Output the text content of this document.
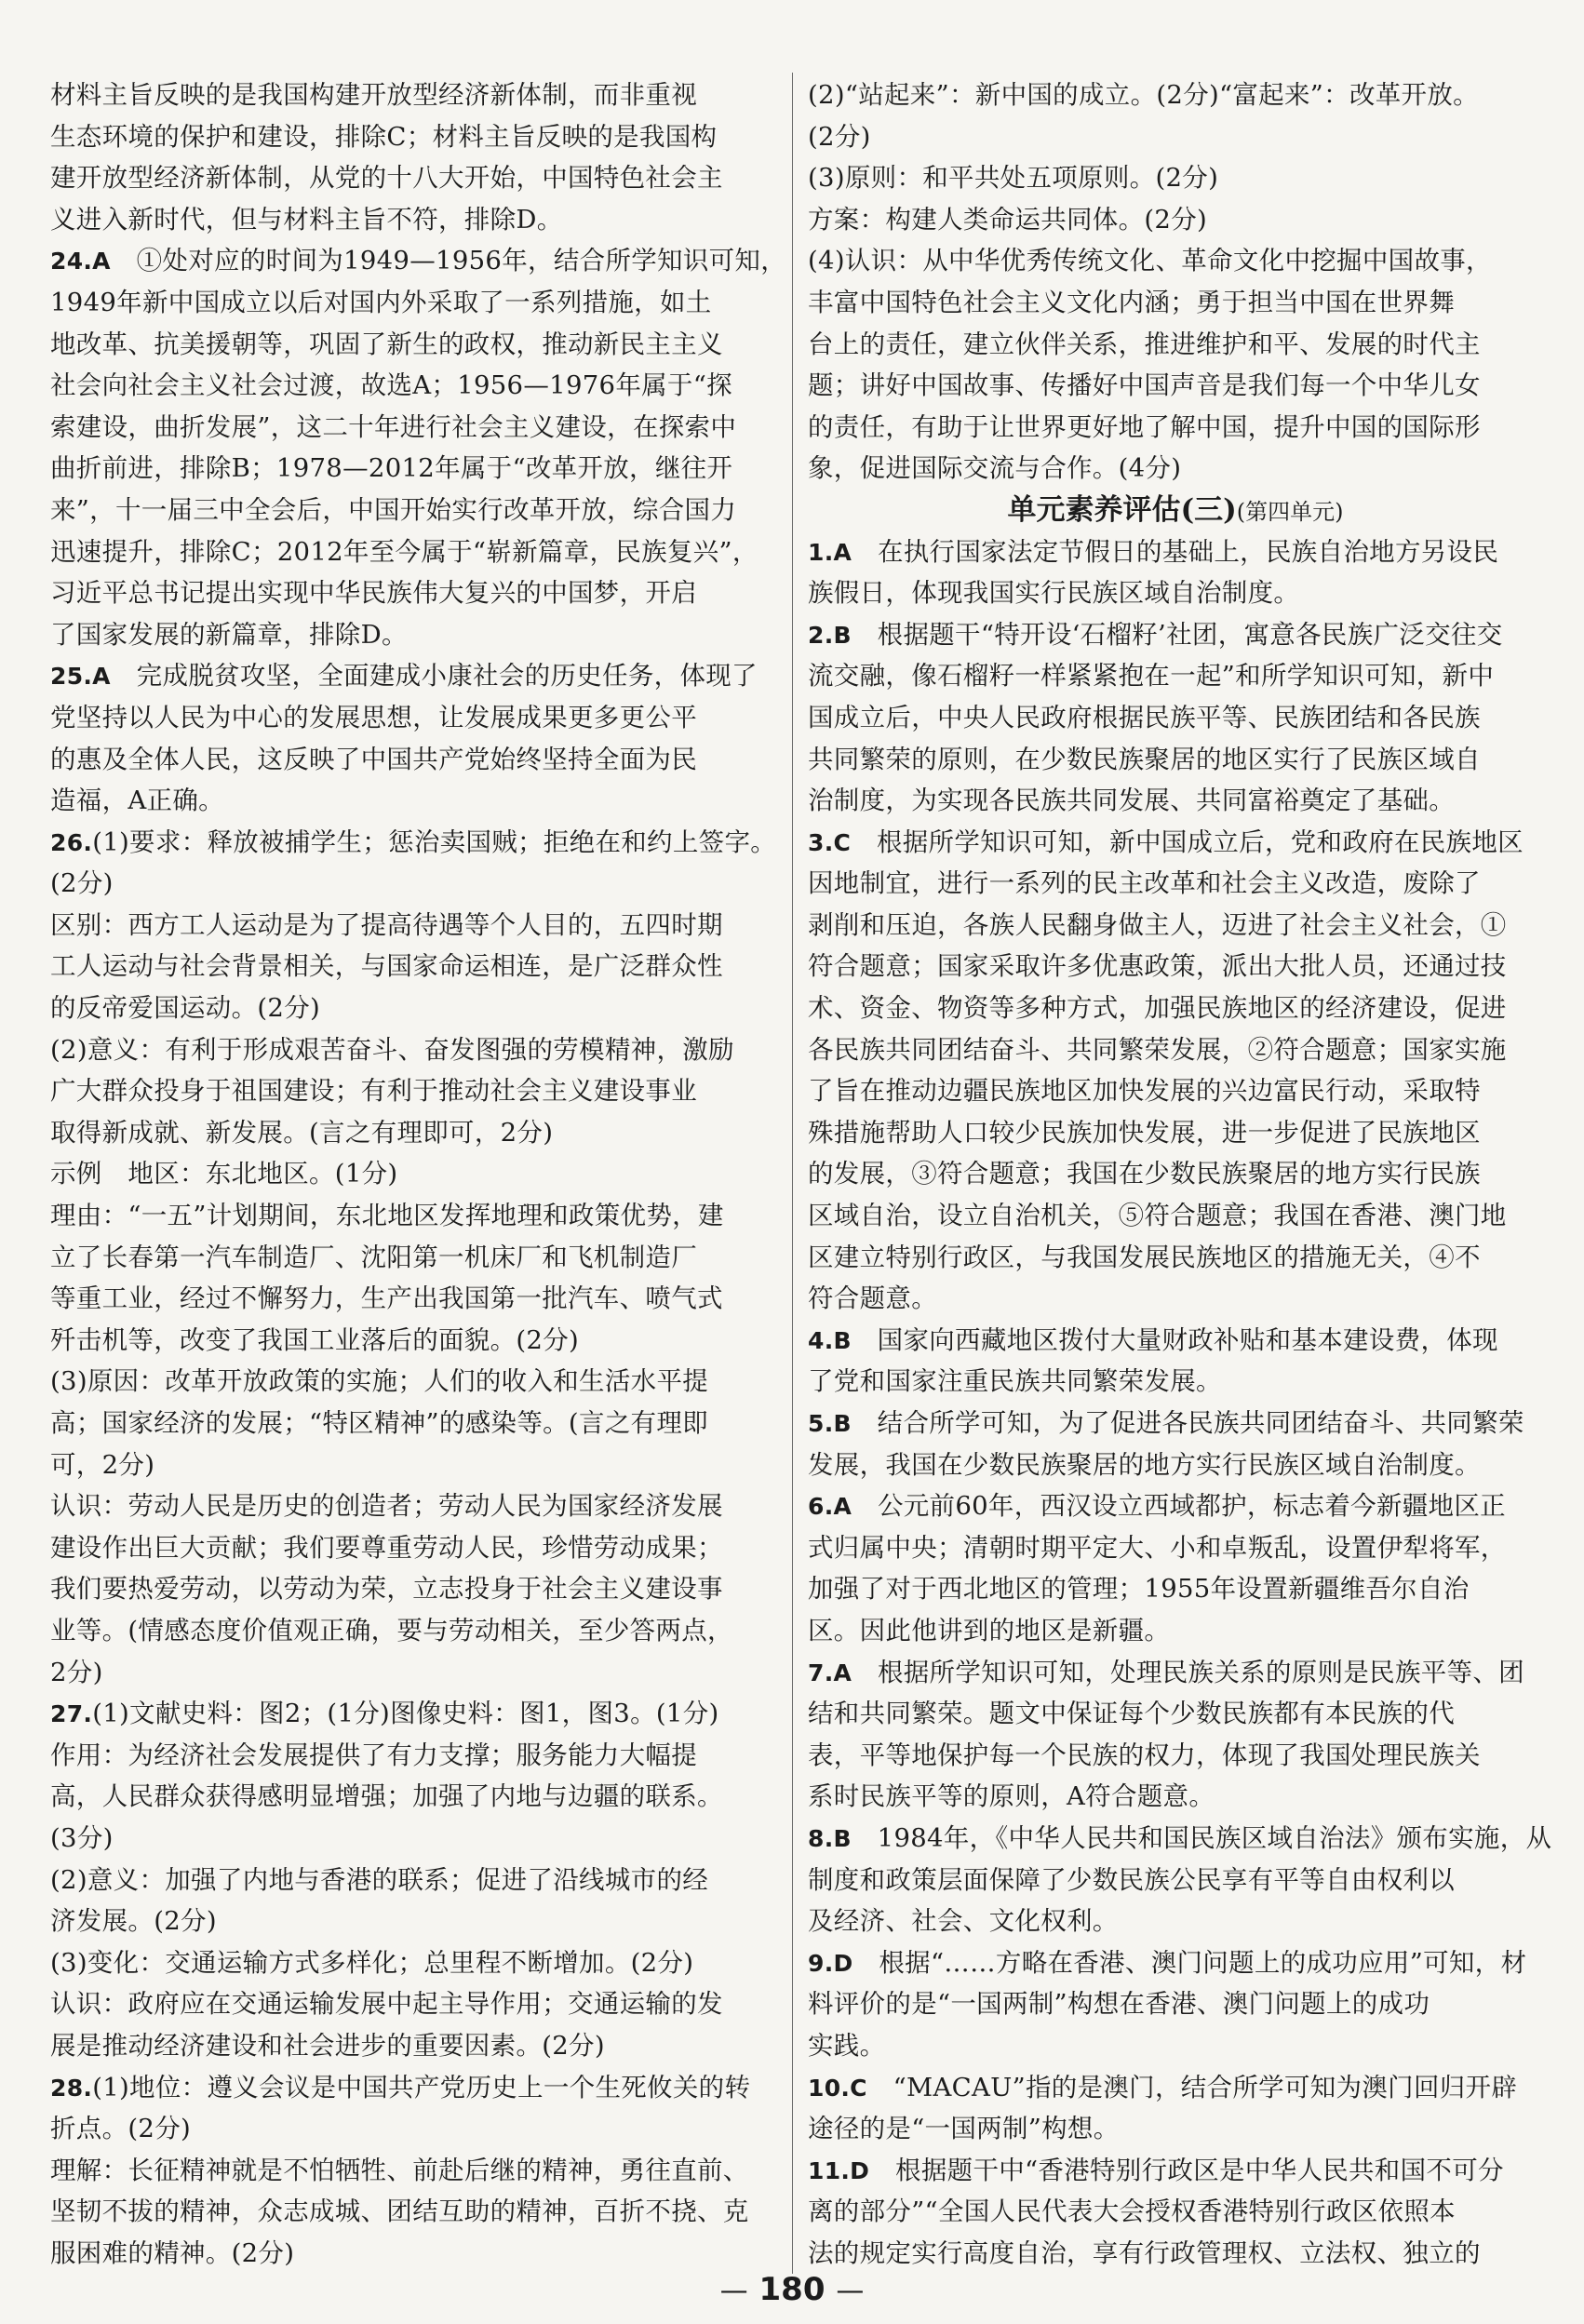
材料主旨反映的是我国构建开放型经济新体制，而非重视
生态环境的保护和建设，排除C；材料主旨反映的是我国构
建开放型经济新体制，从党的十八大开始，中国特色社会主
义进入新时代，但与材料主旨不符，排除D。
24.A　①处对应的时间为1949—1956年，结合所学知识可知，
1949年新中国成立以后对国内外采取了一系列措施，如土
地改革、抗美援朝等，巩固了新生的政权，推动新民主主义
社会向社会主义社会过渡，故选A；1956—1976年属于“探
索建设，曲折发展”，这二十年进行社会主义建设，在探索中
曲折前进，排除B；1978—2012年属于“改革开放，继往开
来”，十一届三中全会后，中国开始实行改革开放，综合国力
迅速提升，排除C；2012年至今属于“崭新篇章，民族复兴”，
习近平总书记提出实现中华民族伟大复兴的中国梦，开启
了国家发展的新篇章，排除D。
25.A　完成脱贫攻坚，全面建成小康社会的历史任务，体现了
党坚持以人民为中心的发展思想，让发展成果更多更公平
的惠及全体人民，这反映了中国共产党始终坚持全面为民
造福，A正确。
26.(1)要求：释放被捕学生；惩治卖国贼；拒绝在和约上签字。
(2分)
区别：西方工人运动是为了提高待遇等个人目的，五四时期
工人运动与社会背景相关，与国家命运相连，是广泛群众性
的反帝爱国运动。(2分)
(2)意义：有利于形成艰苦奋斗、奋发图强的劳模精神，激励
广大群众投身于祖国建设；有利于推动社会主义建设事业
取得新成就、新发展。(言之有理即可，2分)
示例　地区：东北地区。(1分)
理由：“一五”计划期间，东北地区发挥地理和政策优势，建
立了长春第一汽车制造厂、沈阳第一机床厂和飞机制造厂
等重工业，经过不懈努力，生产出我国第一批汽车、喷气式
歼击机等，改变了我国工业落后的面貌。(2分)
(3)原因：改革开放政策的实施；人们的收入和生活水平提
高；国家经济的发展；“特区精神”的感染等。(言之有理即
可，2分)
认识：劳动人民是历史的创造者；劳动人民为国家经济发展
建设作出巨大贡献；我们要尊重劳动人民，珍惜劳动成果；
我们要热爱劳动，以劳动为荣，立志投身于社会主义建设事
业等。(情感态度价值观正确，要与劳动相关，至少答两点，
2分)
27.(1)文献史料：图2；(1分)图像史料：图1，图3。(1分)
作用：为经济社会发展提供了有力支撑；服务能力大幅提
高，人民群众获得感明显增强；加强了内地与边疆的联系。
(3分)
(2)意义：加强了内地与香港的联系；促进了沿线城市的经
济发展。(2分)
(3)变化：交通运输方式多样化；总里程不断增加。(2分)
认识：政府应在交通运输发展中起主导作用；交通运输的发
展是推动经济建设和社会进步的重要因素。(2分)
28.(1)地位：遵义会议是中国共产党历史上一个生死攸关的转
折点。(2分)
理解：长征精神就是不怕牺牲、前赴后继的精神，勇往直前、
坚韧不拔的精神，众志成城、团结互助的精神，百折不挠、克
服困难的精神。(2分)
(2)“站起来”：新中国的成立。(2分)“富起来”：改革开放。
(2分)
(3)原则：和平共处五项原则。(2分)
方案：构建人类命运共同体。(2分)
(4)认识：从中华优秀传统文化、革命文化中挖掘中国故事，
丰富中国特色社会主义文化内涵；勇于担当中国在世界舞
台上的责任，建立伙伴关系，推进维护和平、发展的时代主
题；讲好中国故事、传播好中国声音是我们每一个中华儿女
的责任，有助于让世界更好地了解中国，提升中国的国际形
象，促进国际交流与合作。(4分)
单元素养评估(三)(第四单元)
1.A　在执行国家法定节假日的基础上，民族自治地方另设民
族假日，体现我国实行民族区域自治制度。
2.B　根据题干“特开设‘石榴籽’社团，寓意各民族广泛交往交
流交融，像石榴籽一样紧紧抱在一起”和所学知识可知，新中
国成立后，中央人民政府根据民族平等、民族团结和各民族
共同繁荣的原则，在少数民族聚居的地区实行了民族区域自
治制度，为实现各民族共同发展、共同富裕奠定了基础。
3.C　根据所学知识可知，新中国成立后，党和政府在民族地区
因地制宜，进行一系列的民主改革和社会主义改造，废除了
剥削和压迫，各族人民翻身做主人，迈进了社会主义社会，①
符合题意；国家采取许多优惠政策，派出大批人员，还通过技
术、资金、物资等多种方式，加强民族地区的经济建设，促进
各民族共同团结奋斗、共同繁荣发展，②符合题意；国家实施
了旨在推动边疆民族地区加快发展的兴边富民行动，采取特
殊措施帮助人口较少民族加快发展，进一步促进了民族地区
的发展，③符合题意；我国在少数民族聚居的地方实行民族
区域自治，设立自治机关，⑤符合题意；我国在香港、澳门地
区建立特别行政区，与我国发展民族地区的措施无关，④不
符合题意。
4.B　国家向西藏地区拨付大量财政补贴和基本建设费，体现
了党和国家注重民族共同繁荣发展。
5.B　结合所学可知，为了促进各民族共同团结奋斗、共同繁荣
发展，我国在少数民族聚居的地方实行民族区域自治制度。
6.A　公元前60年，西汉设立西域都护，标志着今新疆地区正
式归属中央；清朝时期平定大、小和卓叛乱，设置伊犁将军，
加强了对于西北地区的管理；1955年设置新疆维吾尔自治
区。因此他讲到的地区是新疆。
7.A　根据所学知识可知，处理民族关系的原则是民族平等、团
结和共同繁荣。题文中保证每个少数民族都有本民族的代
表，平等地保护每一个民族的权力，体现了我国处理民族关
系时民族平等的原则，A符合题意。
8.B　1984年，《中华人民共和国民族区域自治法》颁布实施，从
制度和政策层面保障了少数民族公民享有平等自由权利以
及经济、社会、文化权利。
9.D　根据“……方略在香港、澳门问题上的成功应用”可知，材
料评价的是“一国两制”构想在香港、澳门问题上的成功
实践。
10.C　“MACAU”指的是澳门，结合所学可知为澳门回归开辟
途径的是“一国两制”构想。
11.D　根据题干中“香港特别行政区是中华人民共和国不可分
离的部分”“全国人民代表大会授权香港特别行政区依照本
法的规定实行高度自治，享有行政管理权、立法权、独立的
— 180 —
